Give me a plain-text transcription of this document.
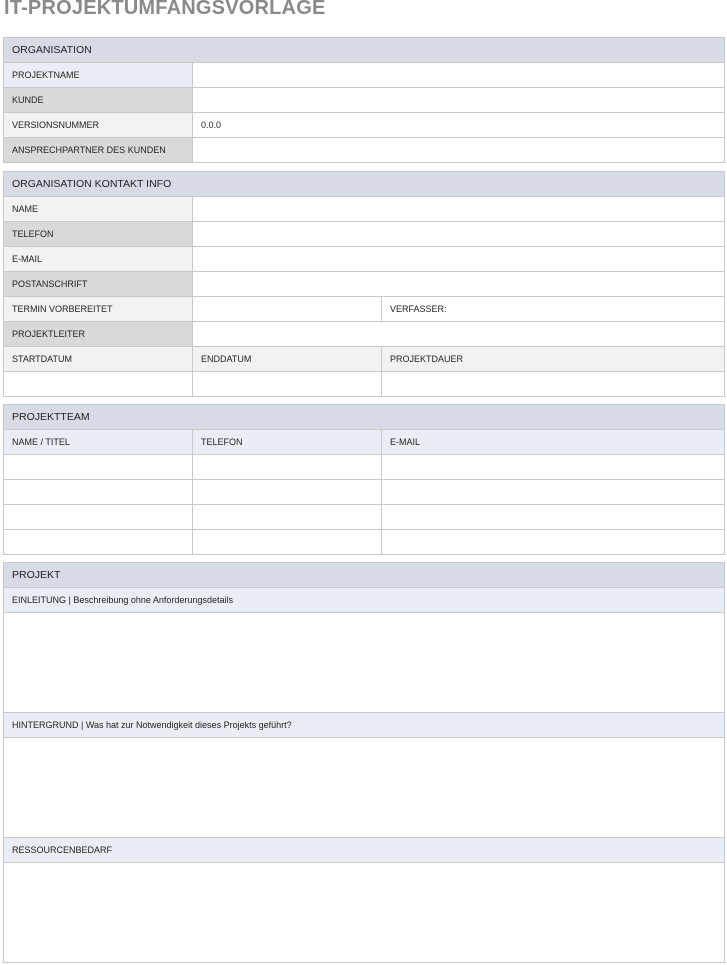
IT-PROJEKTUMFANGSVORLAGE
ORGANISATION	
PROJEKTNAME	
KUNDE	
VERSIONSNUMMER	0.0.0
ANSPRECHPARTNER DES KUNDEN	
ORGANISATION KONTAKT INFO		
NAME		
TELEFON		
E-MAIL		
POSTANSCHRIFT		
TERMIN VORBEREITET		VERFASSER:
PROJEKTLEITER		
STARTDATUM	ENDDATUM	PROJEKTDAUER

PROJEKTTEAM		
NAME / TITEL	TELEFON	E-MAIL

PROJEKT
EINLEITUNG | Beschreibung ohne Anforderungsdetails

HINTERGRUND | Was hat zur Notwendigkeit dieses Projekts geführt?

RESSOURCENBEDARF
